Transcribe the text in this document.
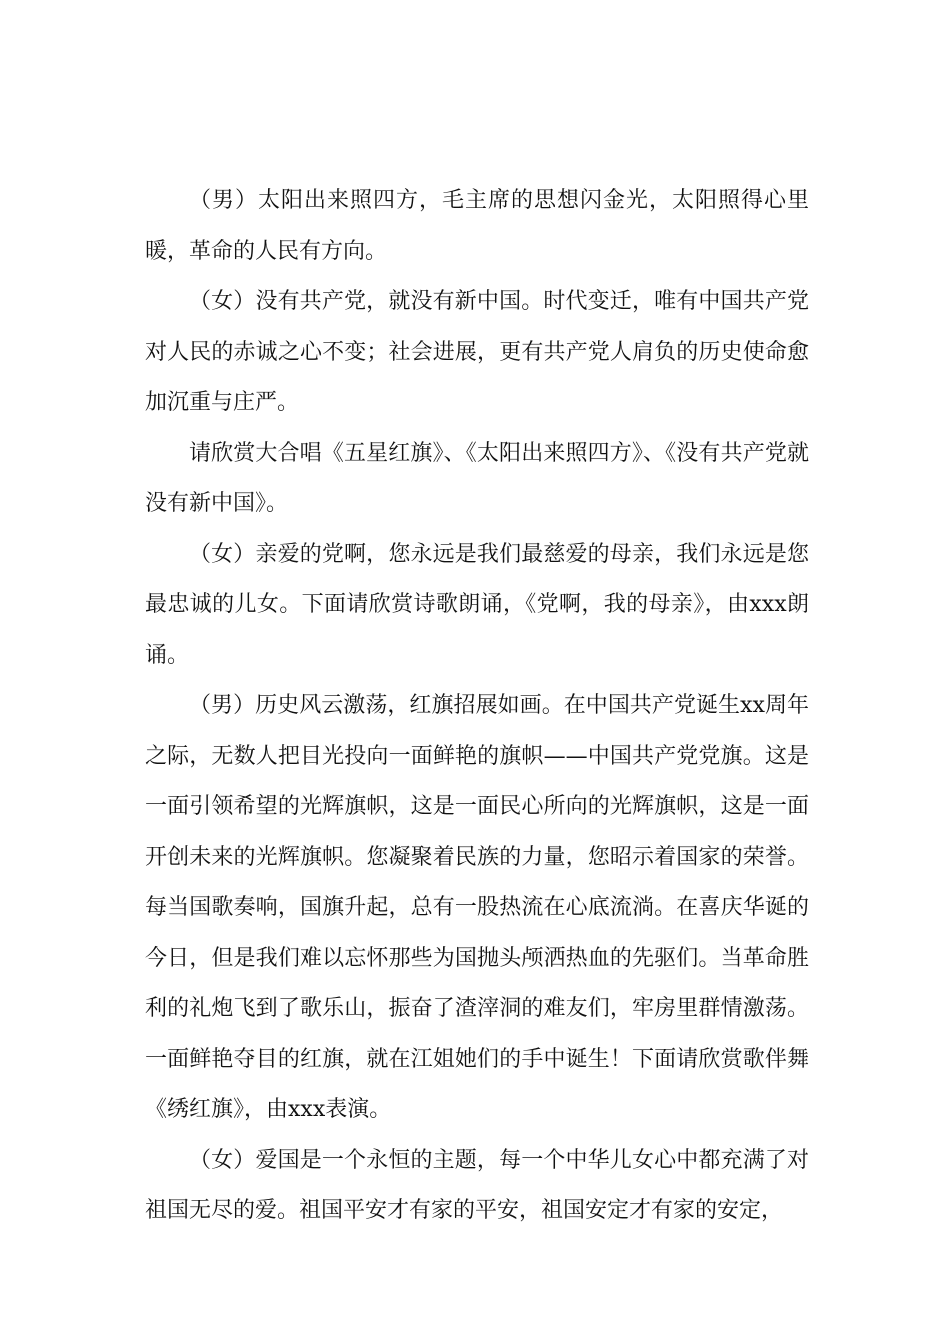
（男）太阳出来照四方，毛主席的思想闪金光，太阳照得心里暖，革命的人民有方向。

（女）没有共产党，就没有新中国。时代变迁，唯有中国共产党对人民的赤诚之心不变；社会进展，更有共产党人肩负的历史使命愈加沉重与庄严。

请欣赏大合唱《五星红旗》、《太阳出来照四方》、《没有共产党就没有新中国》。

（女）亲爱的党啊，您永远是我们最慈爱的母亲，我们永远是您最忠诚的儿女。下面请欣赏诗歌朗诵，《党啊，我的母亲》，由xxx朗诵。

（男）历史风云激荡，红旗招展如画。在中国共产党诞生xx周年之际，无数人把目光投向一面鲜艳的旗帜——中国共产党党旗。这是一面引领希望的光辉旗帜，这是一面民心所向的光辉旗帜，这是一面开创未来的光辉旗帜。您凝聚着民族的力量，您昭示着国家的荣誉。每当国歌奏响，国旗升起，总有一股热流在心底流淌。在喜庆华诞的今日，但是我们难以忘怀那些为国抛头颅洒热血的先驱们。当革命胜利的礼炮飞到了歌乐山，振奋了渣滓洞的难友们，牢房里群情激荡。一面鲜艳夺目的红旗，就在江姐她们的手中诞生！下面请欣赏歌伴舞《绣红旗》，由xxx表演。

（女）爱国是一个永恒的主题，每一个中华儿女心中都充满了对祖国无尽的爱。祖国平安才有家的平安，祖国安定才有家的安定，
